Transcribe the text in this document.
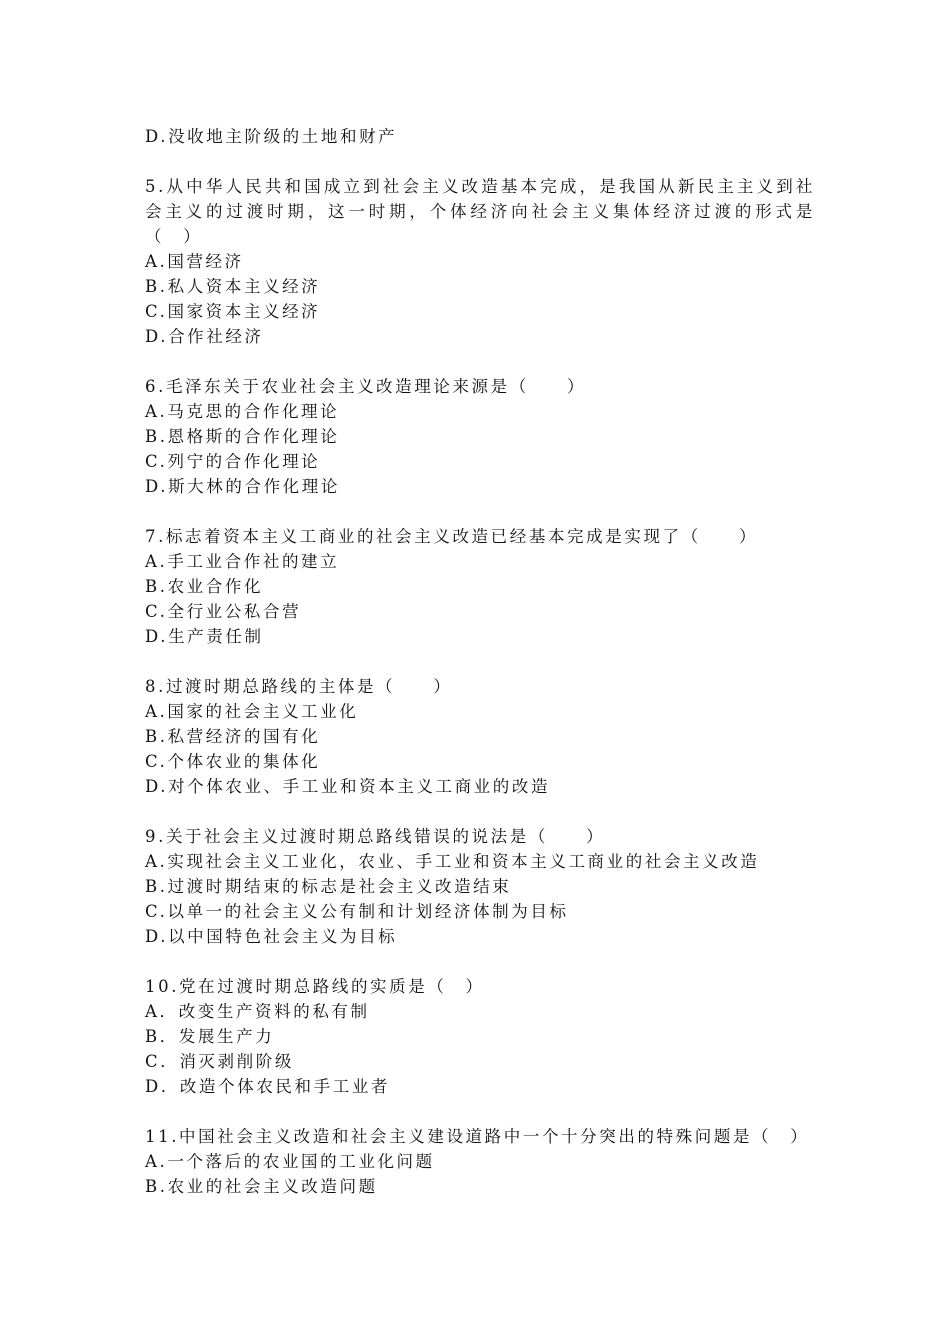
D.没收地主阶级的土地和财产
5.从中华人民共和国成立到社会主义改造基本完成，是我国从新民主主义到社会主义的过渡时期，这一时期，个体经济向社会主义集体经济过渡的形式是（　）
A.国营经济
B.私人资本主义经济
C.国家资本主义经济
D.合作社经济
6.毛泽东关于农业社会主义改造理论来源是（　　）
A.马克思的合作化理论
B.恩格斯的合作化理论
C.列宁的合作化理论
D.斯大林的合作化理论
7.标志着资本主义工商业的社会主义改造已经基本完成是实现了（　　）
A.手工业合作社的建立
B.农业合作化
C.全行业公私合营
D.生产责任制
8.过渡时期总路线的主体是（　　）
A.国家的社会主义工业化
B.私营经济的国有化
C.个体农业的集体化
D.对个体农业、手工业和资本主义工商业的改造
9.关于社会主义过渡时期总路线错误的说法是（　　）
A.实现社会主义工业化，农业、手工业和资本主义工商业的社会主义改造
B.过渡时期结束的标志是社会主义改造结束
C.以单一的社会主义公有制和计划经济体制为目标
D.以中国特色社会主义为目标
10.党在过渡时期总路线的实质是（　）
A．改变生产资料的私有制
B．发展生产力
C．消灭剥削阶级
D．改造个体农民和手工业者
11.中国社会主义改造和社会主义建设道路中一个十分突出的特殊问题是（　）
A.一个落后的农业国的工业化问题
B.农业的社会主义改造问题
